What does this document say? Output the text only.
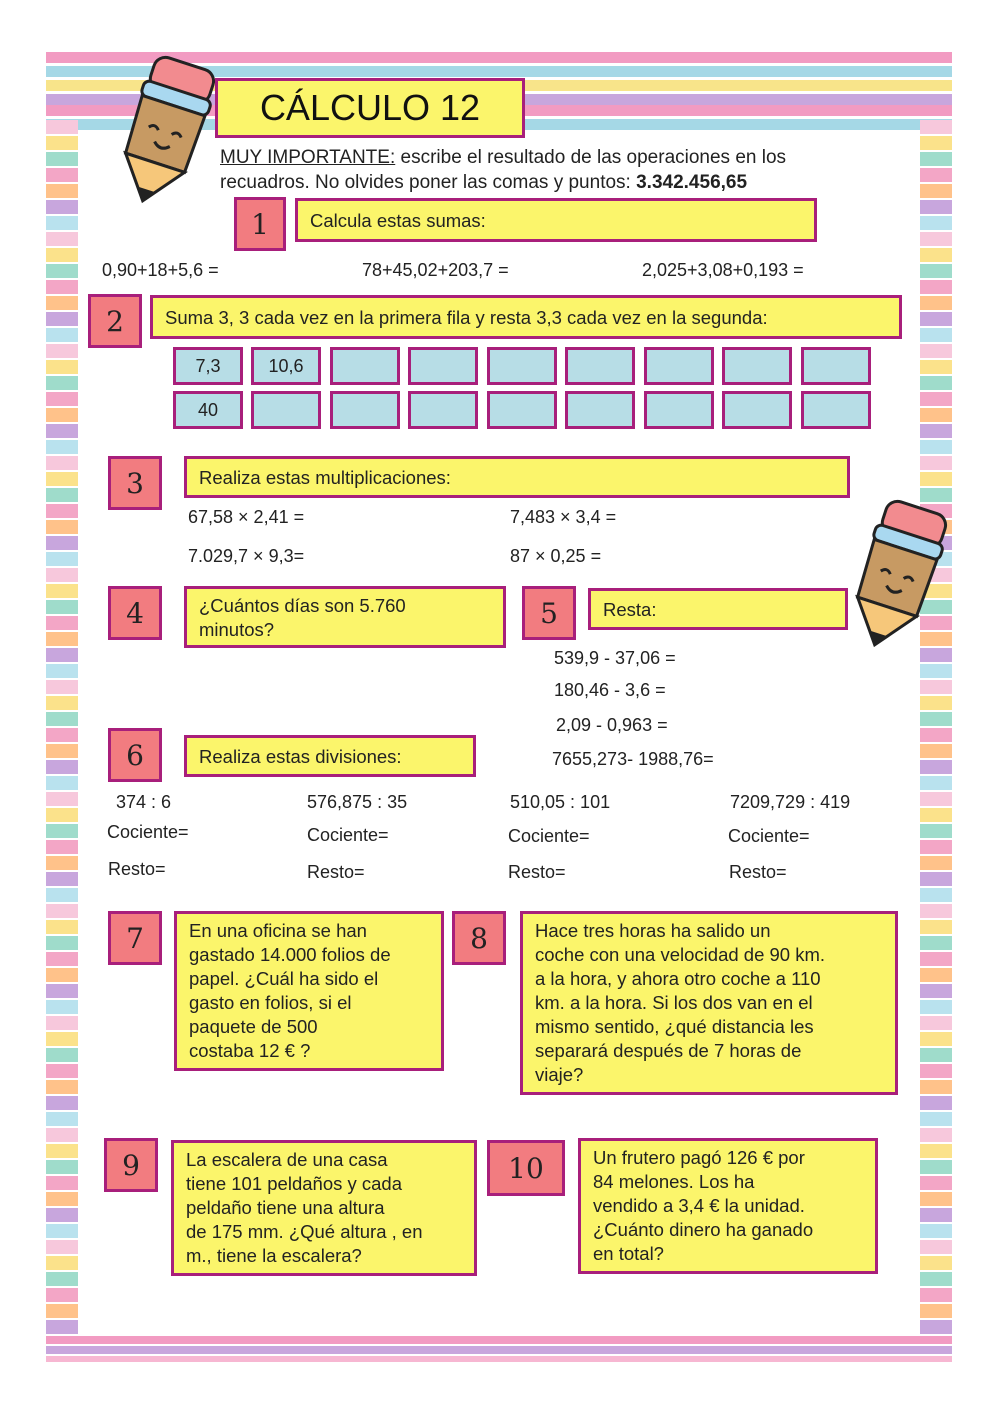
CÁLCULO 12
MUY IMPORTANTE: escribe el resultado de las operaciones en los
recuadros. No olvides poner las comas y puntos: 3.342.456,65
1	Calcula estas sumas:
0,90+18+5,6 =	78+45,02+203,7 =	2,025+3,08+0,193 =
2	Suma 3, 3 cada vez en la primera fila y resta 3,3 cada vez en la segunda:
7,3	10,6
40
3	Realiza estas multiplicaciones:
67,58 × 2,41 =	7,483 × 3,4 =
7.029,7 × 9,3=	87 × 0,25 =
4	¿Cuántos días son 5.760
minutos?	5	Resta:
539,9 - 37,06 =
180,46 - 3,6 =
2,09 - 0,963 =
7655,273- 1988,76=
6	Realiza estas divisiones:
374 : 6	576,875 : 35	510,05 : 101	7209,729 : 419
Cociente=	Cociente=	Cociente=	Cociente=
Resto=	Resto=	Resto=	Resto=
7	En una oficina se han
gastado 14.000 folios de
papel. ¿Cuál ha sido el
gasto en folios, si el
paquete de 500
costaba 12 € ?
8	Hace tres horas ha salido un
coche con una velocidad de 90 km.
a la hora, y ahora otro coche a 110
km. a la hora. Si los dos van en el
mismo sentido, ¿qué distancia les
separará después de 7 horas de
viaje?
9	La escalera de una casa
tiene 101 peldaños y cada
peldaño tiene una altura
de 175 mm. ¿Qué altura , en
m., tiene la escalera?
10	Un frutero pagó 126 € por
84 melones. Los ha
vendido a 3,4 € la unidad.
¿Cuánto dinero ha ganado
en total?
